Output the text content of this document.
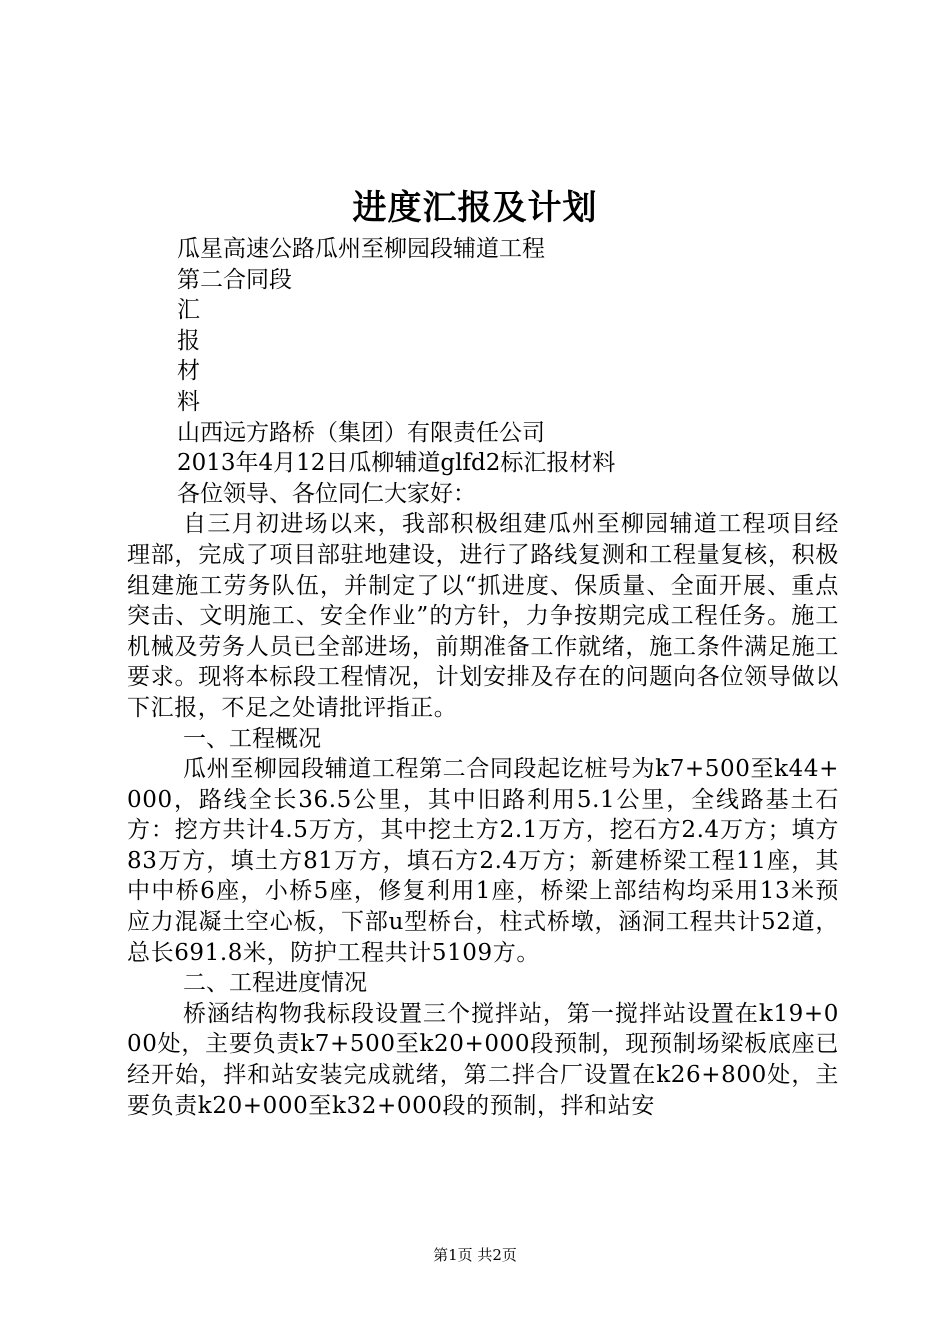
进度汇报及计划
瓜星高速公路瓜州至柳园段辅道工程
第二合同段
汇
报
材
料
山西远方路桥（集团）有限责任公司
2013年4月12日瓜柳辅道glfd2标汇报材料
各位领导、各位同仁大家好：
自三月初进场以来，我部积极组建瓜州至柳园辅道工程项目经理部，完成了项目部驻地建设，进行了路线复测和工程量复核，积极组建施工劳务队伍，并制定了以“抓进度、保质量、全面开展、重点突击、文明施工、安全作业”的方针，力争按期完成工程任务。施工机械及劳务人员已全部进场，前期准备工作就绪，施工条件满足施工要求。现将本标段工程情况，计划安排及存在的问题向各位领导做以下汇报，不足之处请批评指正。
一、工程概况
瓜州至柳园段辅道工程第二合同段起讫桩号为k7+500至k44+000，路线全长36.5公里，其中旧路利用5.1公里，全线路基土石方：挖方共计4.5万方，其中挖土方2.1万方，挖石方2.4万方；填方83万方，填土方81万方，填石方2.4万方；新建桥梁工程11座，其中中桥6座，小桥5座，修复利用1座，桥梁上部结构均采用13米预应力混凝土空心板，下部u型桥台，柱式桥墩，涵洞工程共计52道，总长691.8米，防护工程共计5109方。
二、工程进度情况
桥涵结构物我标段设置三个搅拌站，第一搅拌站设置在k19+000处，主要负责k7+500至k20+000段预制，现预制场梁板底座已经开始，拌和站安装完成就绪，第二拌合厂设置在k26+800处，主要负责k20+000至k32+000段的预制，拌和站安
第1页 共2页
